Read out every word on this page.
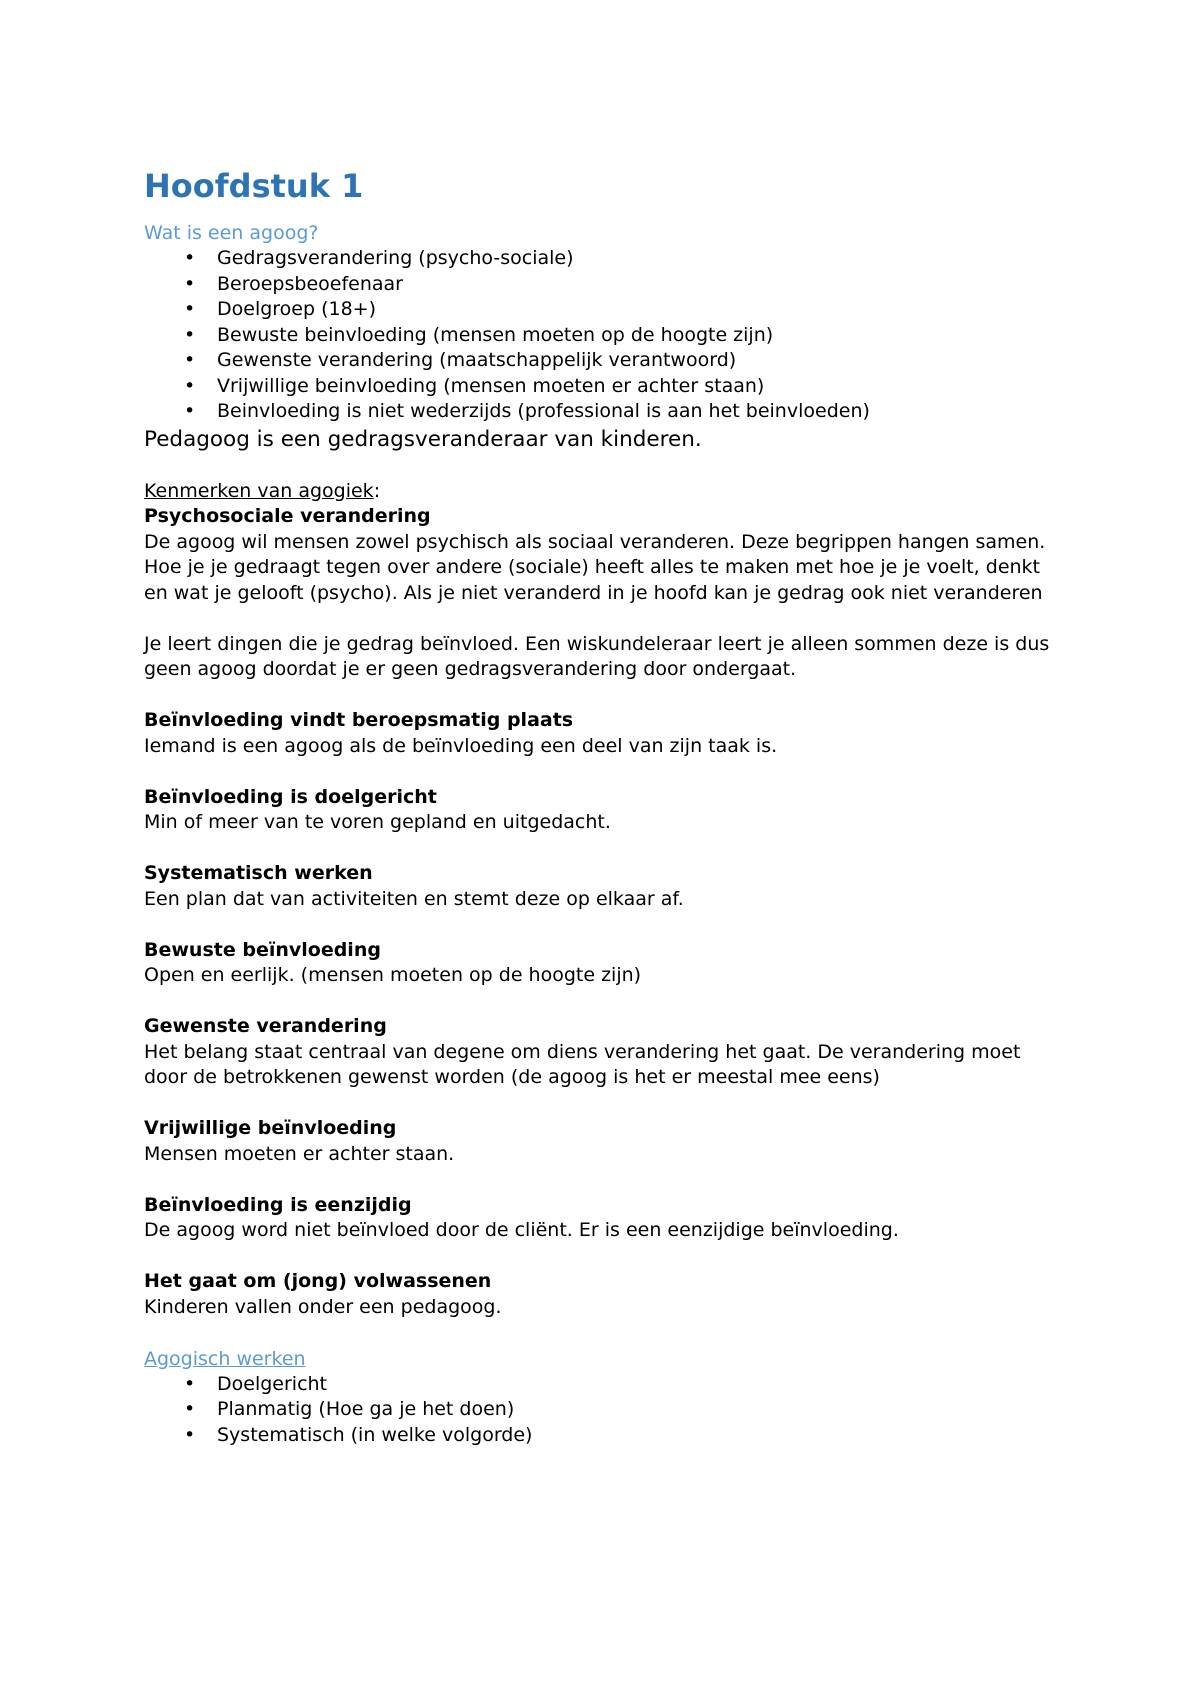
Hoofdstuk 1

Wat is een agoog?

• Gedragsverandering (psycho-sociale)
• Beroepsbeoefenaar
• Doelgroep (18+)
• Bewuste beinvloeding (mensen moeten op de hoogte zijn)
• Gewenste verandering (maatschappelijk verantwoord)
• Vrijwillige beinvloeding (mensen moeten er achter staan)
• Beinvloeding is niet wederzijds (professional is aan het beinvloeden)

Pedagoog is een gedragsveranderaar van kinderen.

Kenmerken van agogiek:

Psychosociale verandering

De agoog wil mensen zowel psychisch als sociaal veranderen. Deze begrippen hangen samen. Hoe je je gedraagt tegen over andere (sociale) heeft alles te maken met hoe je je voelt, denkt en wat je gelooft (psycho). Als je niet veranderd in je hoofd kan je gedrag ook niet veranderen

Je leert dingen die je gedrag beïnvloed. Een wiskundeleraar leert je alleen sommen deze is dus geen agoog doordat je er geen gedragsverandering door ondergaat.

Beïnvloeding vindt beroepsmatig plaats

Iemand is een agoog als de beïnvloeding een deel van zijn taak is.

Beïnvloeding is doelgericht

Min of meer van te voren gepland en uitgedacht.

Systematisch werken

Een plan dat van activiteiten en stemt deze op elkaar af.

Bewuste beïnvloeding

Open en eerlijk. (mensen moeten op de hoogte zijn)

Gewenste verandering

Het belang staat centraal van degene om diens verandering het gaat. De verandering moet door de betrokkenen gewenst worden (de agoog is het er meestal mee eens)

Vrijwillige beïnvloeding

Mensen moeten er achter staan.

Beïnvloeding is eenzijdig

De agoog word niet beïnvloed door de cliënt. Er is een eenzijdige beïnvloeding.

Het gaat om (jong) volwassenen

Kinderen vallen onder een pedagoog.

Agogisch werken

• Doelgericht
• Planmatig (Hoe ga je het doen)
• Systematisch (in welke volgorde)
